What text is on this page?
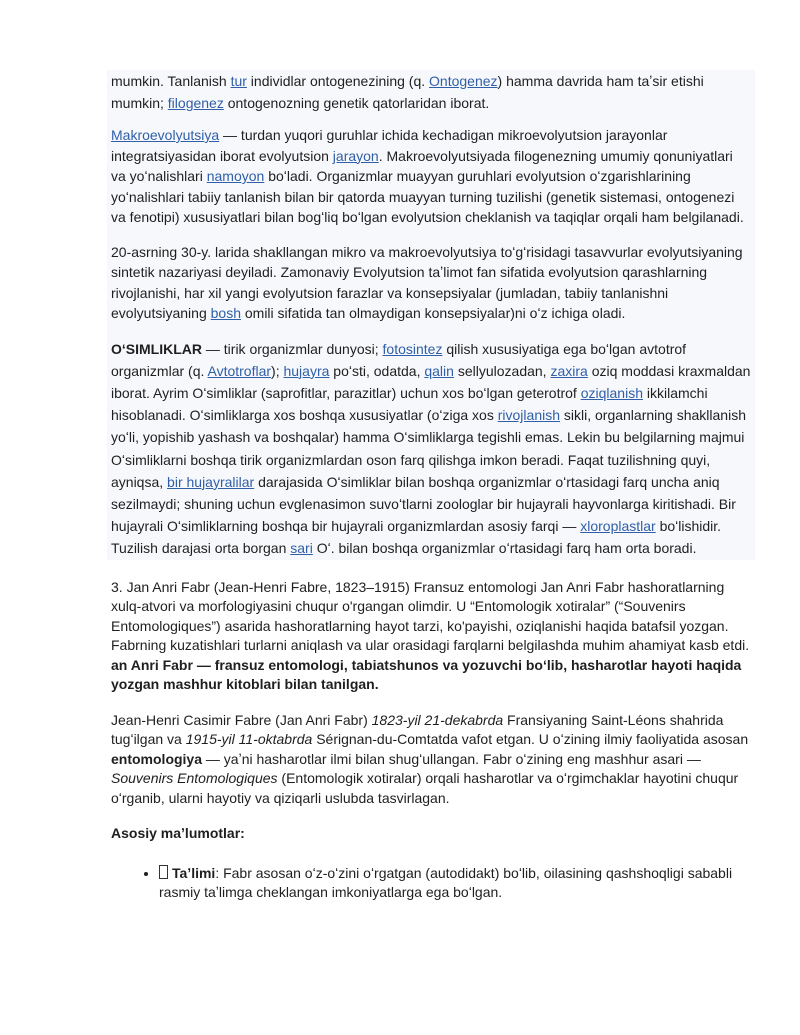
mumkin. Tanlanish tur individlar ontogenezining (q. Ontogenez) hamma davrida ham taʼsir etishi mumkin; filogenez ontogenozning genetik qatorlaridan iborat.

Makroevolyutsiya — turdan yuqori guruhlar ichida kechadigan mikroevolyutsion jarayonlar integratsiyasidan iborat evolyutsion jarayon. Makroevolyutsiyada filogenezning umumiy qonuniyatlari va yoʻnalishlari namoyon boʻladi. Organizmlar muayyan guruhlari evolyutsion oʻzgarishlarining yoʻnalishlari tabiiy tanlanish bilan bir qatorda muayyan turning tuzilishi (genetik sistemasi, ontogenezi va fenotipi) xususiyatlari bilan bogʻliq boʻlgan evolyutsion cheklanish va taqiqlar orqali ham belgilanadi.

20-asrning 30-y. larida shakllangan mikro va makroevolyutsiya toʻgʻrisidagi tasavvurlar evolyutsiyaning sintetik nazariyasi deyiladi. Zamonaviy Evolyutsion taʼlimot fan sifatida evolyutsion qarashlarning rivojlanishi, har xil yangi evolyutsion farazlar va konsepsiyalar (jumladan, tabiiy tanlanishni evolyutsiyaning bosh omili sifatida tan olmaydigan konsepsiyalar)ni oʻz ichiga oladi.

OʻSIMLIKLAR — tirik organizmlar dunyosi; fotosintez qilish xususiyatiga ega boʻlgan avtotrof organizmlar (q. Avtotroflar); hujayra poʻsti, odatda, qalin sellyulozadan, zaxira oziq moddasi kraxmaldan iborat. Ayrim Oʻsimliklar (saprofitlar, parazitlar) uchun xos boʻlgan geterotrof oziqlanish ikkilamchi hisoblanadi. Oʻsimliklarga xos boshqa xususiyatlar (oʻziga xos rivojlanish sikli, organlarning shakllanish yoʻli, yopishib yashash va boshqalar) hamma Oʻsimliklarga tegishli emas. Lekin bu belgilarning majmui Oʻsimliklarni boshqa tirik organizmlardan oson farq qilishga imkon beradi. Faqat tuzilishning quyi, ayniqsa, bir hujayralilar darajasida Oʻsimliklar bilan boshqa organizmlar oʻrtasidagi farq uncha aniq sezilmaydi; shuning uchun evglenasimon suvoʻtlarni zoologlar bir hujayrali hayvonlarga kiritishadi. Bir hujayrali Oʻsimliklarning boshqa bir hujayrali organizmlardan asosiy farqi — xloroplastlar boʻlishidir. Tuzilish darajasi orta borgan sari Oʻ. bilan boshqa organizmlar oʻrtasidagi farq ham orta boradi.

3. Jan Anri Fabr (Jean-Henri Fabre, 1823–1915) Fransuz entomologi Jan Anri Fabr hashoratlarning xulq-atvori va morfologiyasini chuqur o'rgangan olimdir. U “Entomologik xotiralar” (“Souvenirs Entomologiques”) asarida hashoratlarning hayot tarzi, ko'payishi, oziqlanishi haqida batafsil yozgan. Fabrning kuzatishlari turlarni aniqlash va ular orasidagi farqlarni belgilashda muhim ahamiyat kasb etdi. an Anri Fabr — fransuz entomologi, tabiatshunos va yozuvchi boʻlib, hasharotlar hayoti haqida yozgan mashhur kitoblari bilan tanilgan.

Jean-Henri Casimir Fabre (Jan Anri Fabr) 1823-yil 21-dekabrda Fransiyaning Saint-Léons shahrida tugʻilgan va 1915-yil 11-oktabrda Sérignan-du-Comtatda vafot etgan. U oʻzining ilmiy faoliyatida asosan entomologiya — yaʼni hasharotlar ilmi bilan shugʻullangan. Fabr oʻzining eng mashhur asari — Souvenirs Entomologiques (Entomologik xotiralar) orqali hasharotlar va oʻrgimchaklar hayotini chuqur oʻrganib, ularni hayotiy va qiziqarli uslubda tasvirlagan.

Asosiy maʼlumotlar:

• Taʼlimi: Fabr asosan oʻz-oʻzini oʻrgatgan (autodidakt) boʻlib, oilasining qashshoqligi sababli rasmiy taʼlimga cheklangan imkoniyatlarga ega boʻlgan.
